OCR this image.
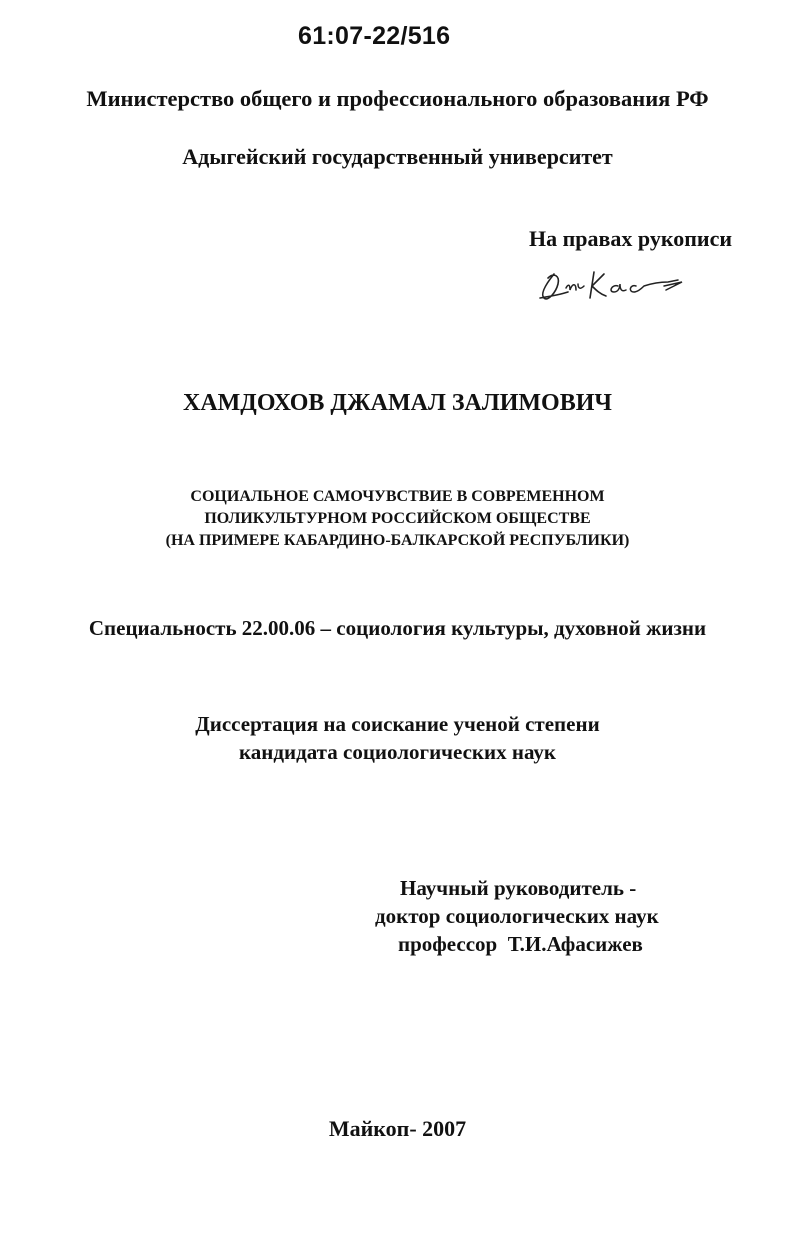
61:07-22/516
Министерство общего и профессионального образования РФ
Адыгейский государственный университет
На правах рукописи
ХАМДОХОВ ДЖАМАЛ ЗАЛИМОВИЧ
СОЦИАЛЬНОЕ САМОЧУВСТВИЕ В СОВРЕМЕННОМ
ПОЛИКУЛЬТУРНОМ РОССИЙСКОМ ОБЩЕСТВЕ
(НА ПРИМЕРЕ КАБАРДИНО-БАЛКАРСКОЙ РЕСПУБЛИКИ)
Специальность 22.00.06 – социология культуры, духовной жизни
Диссертация на соискание ученой степени
кандидата социологических наук
Научный руководитель -
доктор социологических наук
профессор  Т.И.Афасижев
Майкоп- 2007
